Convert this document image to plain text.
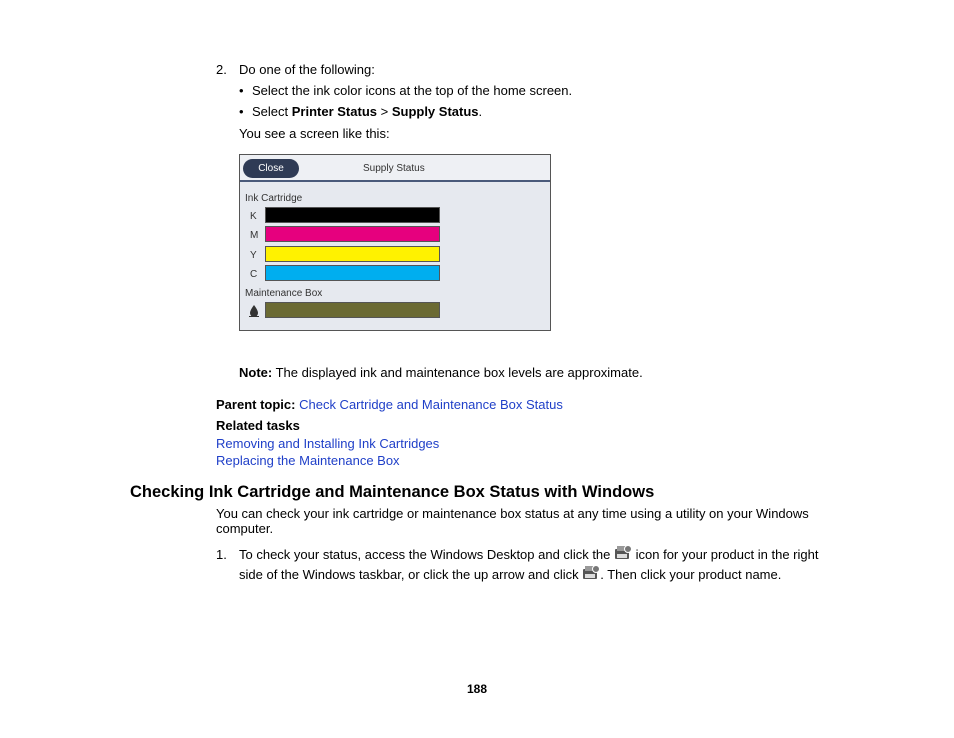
2. Do one of the following:
• Select the ink color icons at the top of the home screen.
• Select Printer Status > Supply Status.
You see a screen like this:
Close	Supply Status
Ink Cartridge
K
M
Y
C
Maintenance Box
Note: The displayed ink and maintenance box levels are approximate.
Parent topic: Check Cartridge and Maintenance Box Status
Related tasks
Removing and Installing Ink Cartridges
Replacing the Maintenance Box
Checking Ink Cartridge and Maintenance Box Status with Windows
You can check your ink cartridge or maintenance box status at any time using a utility on your Windows
computer.
1. To check your status, access the Windows Desktop and click the  icon for your product in the right
side of the Windows taskbar, or click the up arrow and click . Then click your product name.
188
